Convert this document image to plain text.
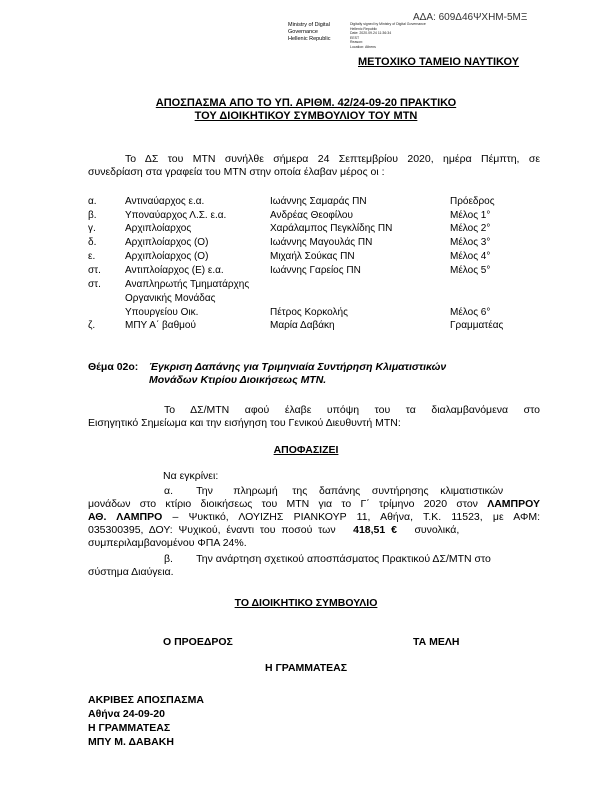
ΑΔΑ: 609Δ46ΨΧΗΜ-5ΜΞ
Ministry of Digital
Governance
Hellenic Republic
Digitally signed by Ministry of Digital Governance
Hellenic Republic
Date: 2020.09.24 11:36:34
EEST
Reason:
Location: Athens
ΜΕΤΟΧΙΚΟ ΤΑΜΕΙΟ ΝΑΥΤΙΚΟΥ
ΑΠΟΣΠΑΣΜΑ ΑΠΟ ΤΟ ΥΠ. ΑΡΙΘΜ. 42/24-09-20 ΠΡΑΚΤΙΚΟ
ΤΟΥ ΔΙΟΙΚΗΤΙΚΟΥ ΣΥΜΒΟΥΛΙΟΥ ΤΟΥ ΜΤΝ
Το ΔΣ του ΜΤΝ συνήλθε σήμερα 24 Σεπτεμβρίου 2020, ημέρα Πέμπτη, σε
συνεδρίαση στα γραφεία του ΜΤΝ στην οποία έλαβαν μέρος οι :
α.	Αντιναύαρχος ε.α.	Ιωάννης Σαμαράς ΠΝ	Πρόεδρος
β.	Υποναύαρχος Λ.Σ. ε.α.	Ανδρέας Θεοφίλου	Μέλος 1°
γ.	Αρχιπλοίαρχος	Χαράλαμπος Πεγκλίδης ΠΝ	Μέλος 2°
δ.	Αρχιπλοίαρχος (Ο)	Ιωάννης Μαγουλάς ΠΝ	Μέλος 3°
ε.	Αρχιπλοίαρχος (Ο)	Μιχαήλ Σούκας ΠΝ	Μέλος 4°
στ. Αντιπλοίαρχος (Ε) ε.α.	Ιωάννης Γαρείος ΠΝ	Μέλος 5°
στ. Αναπληρωτής Τμηματάρχης
Οργανικής Μονάδας
Υπουργείου Οικ.	Πέτρος Κορκολής	Μέλος 6°
ζ.	ΜΠΥ Α΄ βαθμού	Μαρία Δαβάκη	Γραμματέας
Θέμα 02ο: Έγκριση Δαπάνης για Τριμηνιαία Συντήρηση Κλιματιστικών
Μονάδων Κτιρίου Διοικήσεως ΜΤΝ.
Το ΔΣ/ΜΤΝ αφού έλαβε υπόψη του τα διαλαμβανόμενα στο
Εισηγητικό Σημείωμα και την εισήγηση του Γενικού Διευθυντή ΜΤΝ:
ΑΠΟΦΑΣΙΖΕΙ
Να εγκρίνει:
α.        Την       πληρωμή     της    δαπάνης    συντήρησης    κλιματιστικών
μονάδων στο κτίριο διοικήσεως του ΜΤΝ για το Γ΄ τρίμηνο 2020 στον ΛΑΜΠΡΟΥ
ΑΘ. ΛΑΜΠΡΟ – Ψυκτικό, ΛΟΥΙΖΗΣ ΡΙΑΝΚΟΥΡ 11, Αθήνα, Τ.Κ. 11523, με ΑΦΜ:
035300395,  ΔΟΥ:  Ψυχικού,  έναντι  του  ποσού  των 418,51  € συνολικά,
συμπεριλαμβανομένου ΦΠΑ 24%.
β.        Την ανάρτηση σχετικού αποσπάσματος Πρακτικού ΔΣ/ΜΤΝ στο
σύστημα Διαύγεια.
ΤΟ ΔΙΟΙΚΗΤΙΚΟ ΣΥΜΒΟΥΛΙΟ
Ο ΠΡΟΕΔΡΟΣ	ΤΑ ΜΕΛΗ
Η ΓΡΑΜΜΑΤΕΑΣ
ΑΚΡΙΒΕΣ ΑΠΟΣΠΑΣΜΑ
Αθήνα 24-09-20
Η ΓΡΑΜΜΑΤΕΑΣ
ΜΠΥ Μ. ΔΑΒΑΚΗ
